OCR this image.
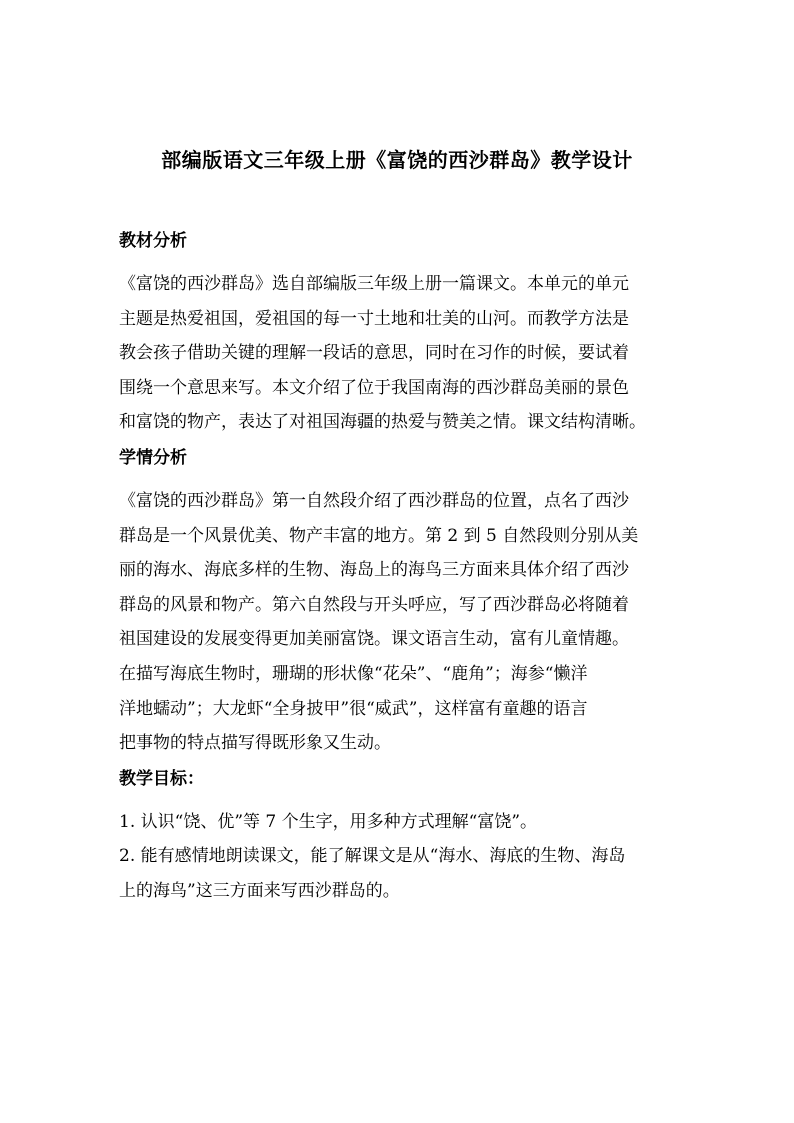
部编版语文三年级上册《富饶的西沙群岛》教学设计
教材分析
《富饶的西沙群岛》选自部编版三年级上册一篇课文。本单元的单元
主题是热爱祖国，爱祖国的每一寸土地和壮美的山河。而教学方法是
教会孩子借助关键的理解一段话的意思，同时在习作的时候，要试着
围绕一个意思来写。本文介绍了位于我国南海的西沙群岛美丽的景色
和富饶的物产，表达了对祖国海疆的热爱与赞美之情。课文结构清晰。
学情分析
《富饶的西沙群岛》第一自然段介绍了西沙群岛的位置，点名了西沙
群岛是一个风景优美、物产丰富的地方。第 2 到 5 自然段则分别从美
丽的海水、海底多样的生物、海岛上的海鸟三方面来具体介绍了西沙
群岛的风景和物产。第六自然段与开头呼应，写了西沙群岛必将随着
祖国建设的发展变得更加美丽富饶。课文语言生动，富有儿童情趣。
在描写海底生物时，珊瑚的形状像“花朵”、“鹿角”；海参“懒洋
洋地蠕动”；大龙虾“全身披甲”很“威武”，这样富有童趣的语言
把事物的特点描写得既形象又生动。
教学目标：
1. 认识“饶、优”等 7 个生字，用多种方式理解“富饶”。
2. 能有感情地朗读课文，能了解课文是从“海水、海底的生物、海岛
上的海鸟”这三方面来写西沙群岛的。
